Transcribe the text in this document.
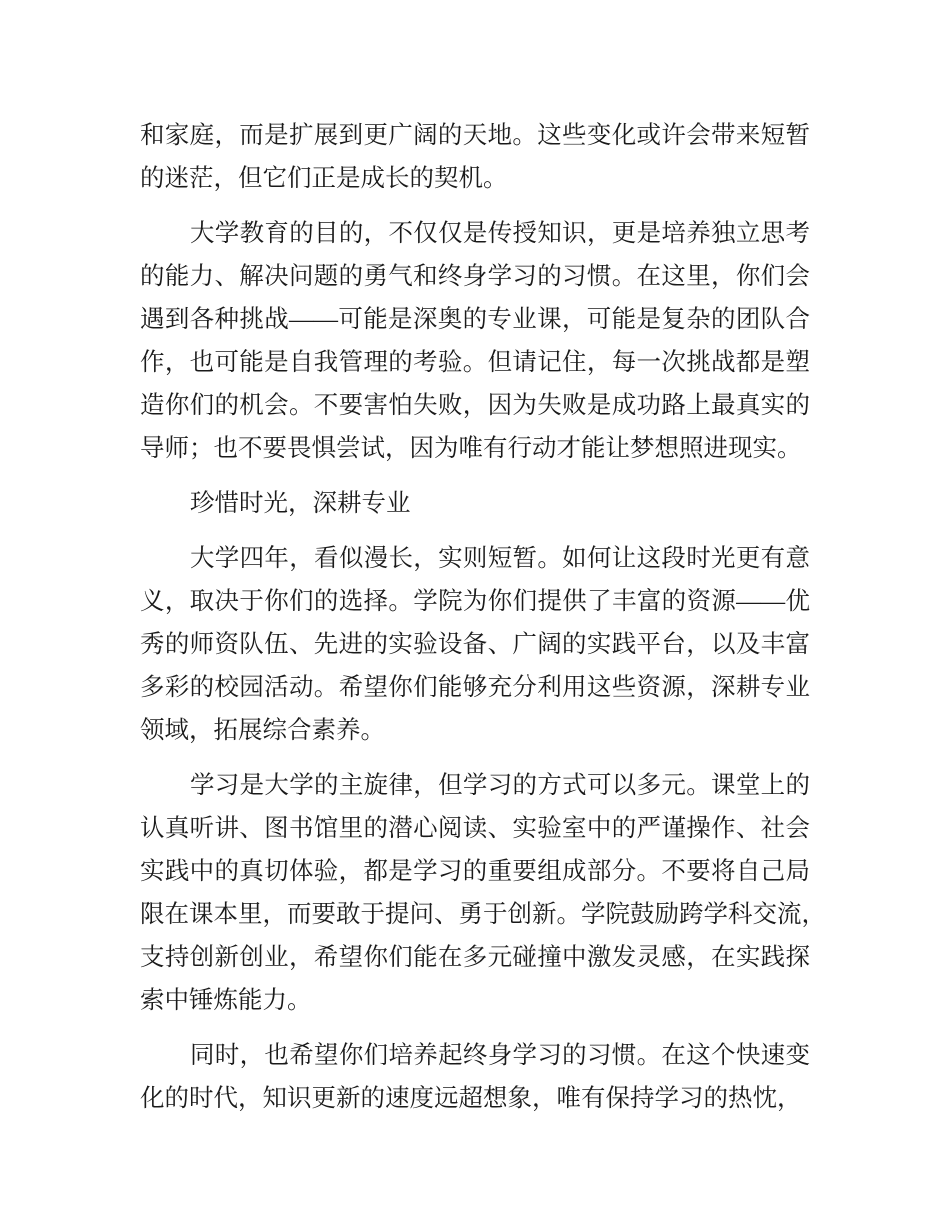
和家庭，而是扩展到更广阔的天地。这些变化或许会带来短暂
的迷茫，但它们正是成长的契机。
大学教育的目的，不仅仅是传授知识，更是培养独立思考
的能力、解决问题的勇气和终身学习的习惯。在这里，你们会
遇到各种挑战——可能是深奥的专业课，可能是复杂的团队合
作，也可能是自我管理的考验。但请记住，每一次挑战都是塑
造你们的机会。不要害怕失败，因为失败是成功路上最真实的
导师；也不要畏惧尝试，因为唯有行动才能让梦想照进现实。
珍惜时光，深耕专业
大学四年，看似漫长，实则短暂。如何让这段时光更有意
义，取决于你们的选择。学院为你们提供了丰富的资源——优
秀的师资队伍、先进的实验设备、广阔的实践平台，以及丰富
多彩的校园活动。希望你们能够充分利用这些资源，深耕专业
领域，拓展综合素养。
学习是大学的主旋律，但学习的方式可以多元。课堂上的
认真听讲、图书馆里的潜心阅读、实验室中的严谨操作、社会
实践中的真切体验，都是学习的重要组成部分。不要将自己局
限在课本里，而要敢于提问、勇于创新。学院鼓励跨学科交流，
支持创新创业，希望你们能在多元碰撞中激发灵感，在实践探
索中锤炼能力。
同时，也希望你们培养起终身学习的习惯。在这个快速变
化的时代，知识更新的速度远超想象，唯有保持学习的热忱，
